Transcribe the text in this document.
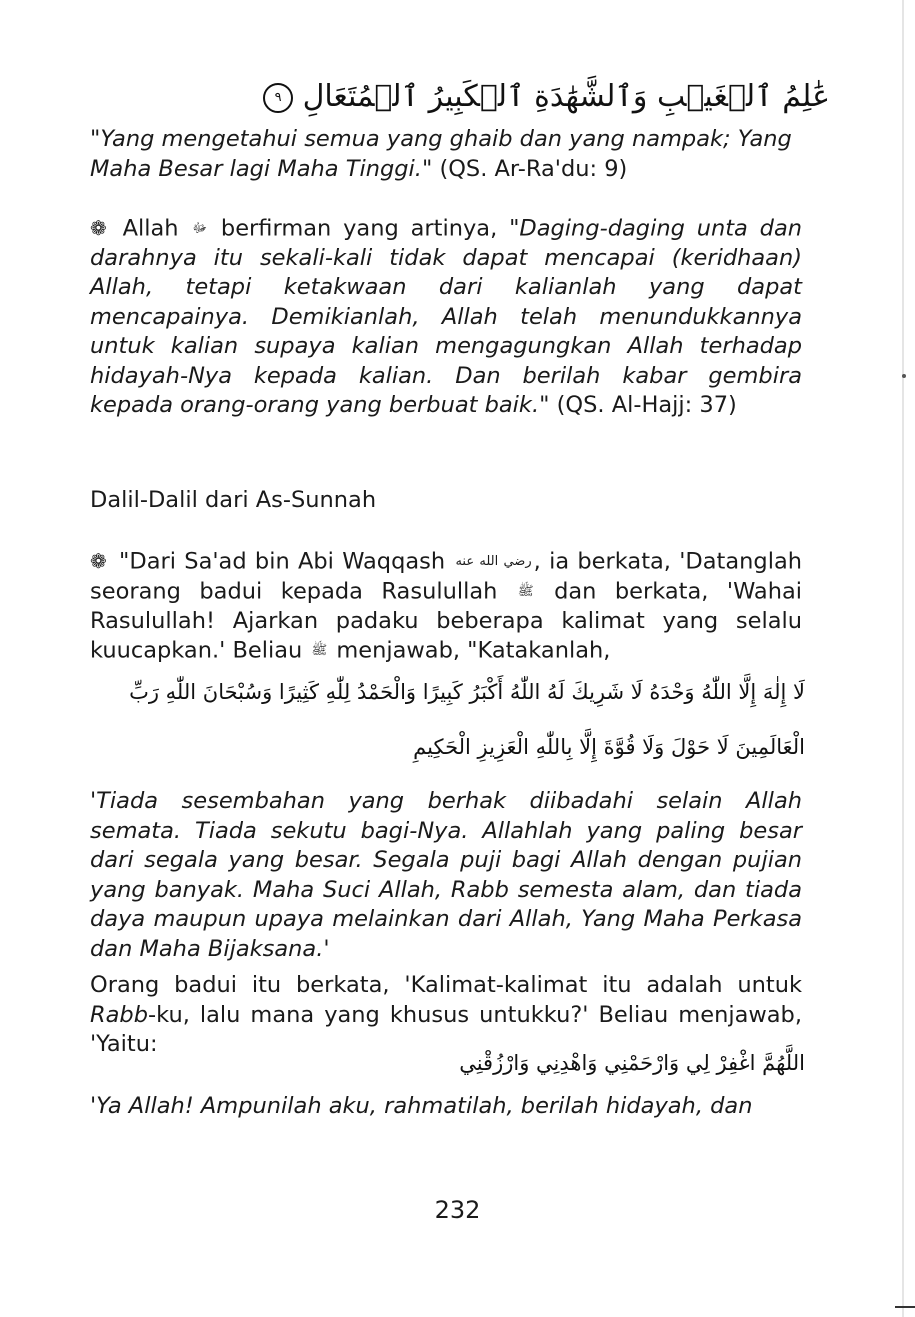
عَٰلِمُ ٱلۡغَيۡبِ وَٱلشَّهَٰدَةِ ٱلۡكَبِيرُ ٱلۡمُتَعَالِ ٩

"Yang mengetahui semua yang ghaib dan yang nampak; Yang Maha Besar lagi Maha Tinggi." (QS. Ar-Ra'du: 9)

❁ Allah ﷻ berfirman yang artinya, "Daging-daging unta dan darahnya itu sekali-kali tidak dapat mencapai (keridhaan) Allah, tetapi ketakwaan dari kalianlah yang dapat mencapainya. Demikianlah, Allah telah menundukkannya untuk kalian supaya kalian mengagungkan Allah terhadap hidayah-Nya kepada kalian. Dan berilah kabar gembira kepada orang-orang yang berbuat baik." (QS. Al-Hajj: 37)

Dalil-Dalil dari As-Sunnah

❁ "Dari Sa'ad bin Abi Waqqash رضي الله عنه, ia berkata, 'Datanglah seorang badui kepada Rasulullah ﷺ dan berkata, 'Wahai Rasulullah! Ajarkan padaku beberapa kalimat yang selalu kuucapkan.' Beliau ﷺ menjawab, "Katakanlah,

لَا إِلٰهَ إِلَّا اللّٰهُ وَحْدَهُ لَا شَرِيكَ لَهُ اللّٰهُ أَكْبَرُ كَبِيرًا وَالْحَمْدُ لِلّٰهِ كَثِيرًا وَسُبْحَانَ اللّٰهِ رَبِّ
الْعَالَمِينَ لَا حَوْلَ وَلَا قُوَّةَ إِلَّا بِاللّٰهِ الْعَزِيزِ الْحَكِيمِ

'Tiada sesembahan yang berhak diibadahi selain Allah semata. Tiada sekutu bagi-Nya. Allahlah yang paling besar dari segala yang besar. Segala puji bagi Allah dengan pujian yang banyak. Maha Suci Allah, Rabb semesta alam, dan tiada daya maupun upaya melainkan dari Allah, Yang Maha Perkasa dan Maha Bijaksana.'

Orang badui itu berkata, 'Kalimat-kalimat itu adalah untuk Rabb-ku, lalu mana yang khusus untukku?' Beliau menjawab, 'Yaitu:

اللَّهُمَّ اغْفِرْ لِي وَارْحَمْنِي وَاهْدِنِي وَارْزُقْنِي

'Ya Allah! Ampunilah aku, rahmatilah, berilah hidayah, dan

232
